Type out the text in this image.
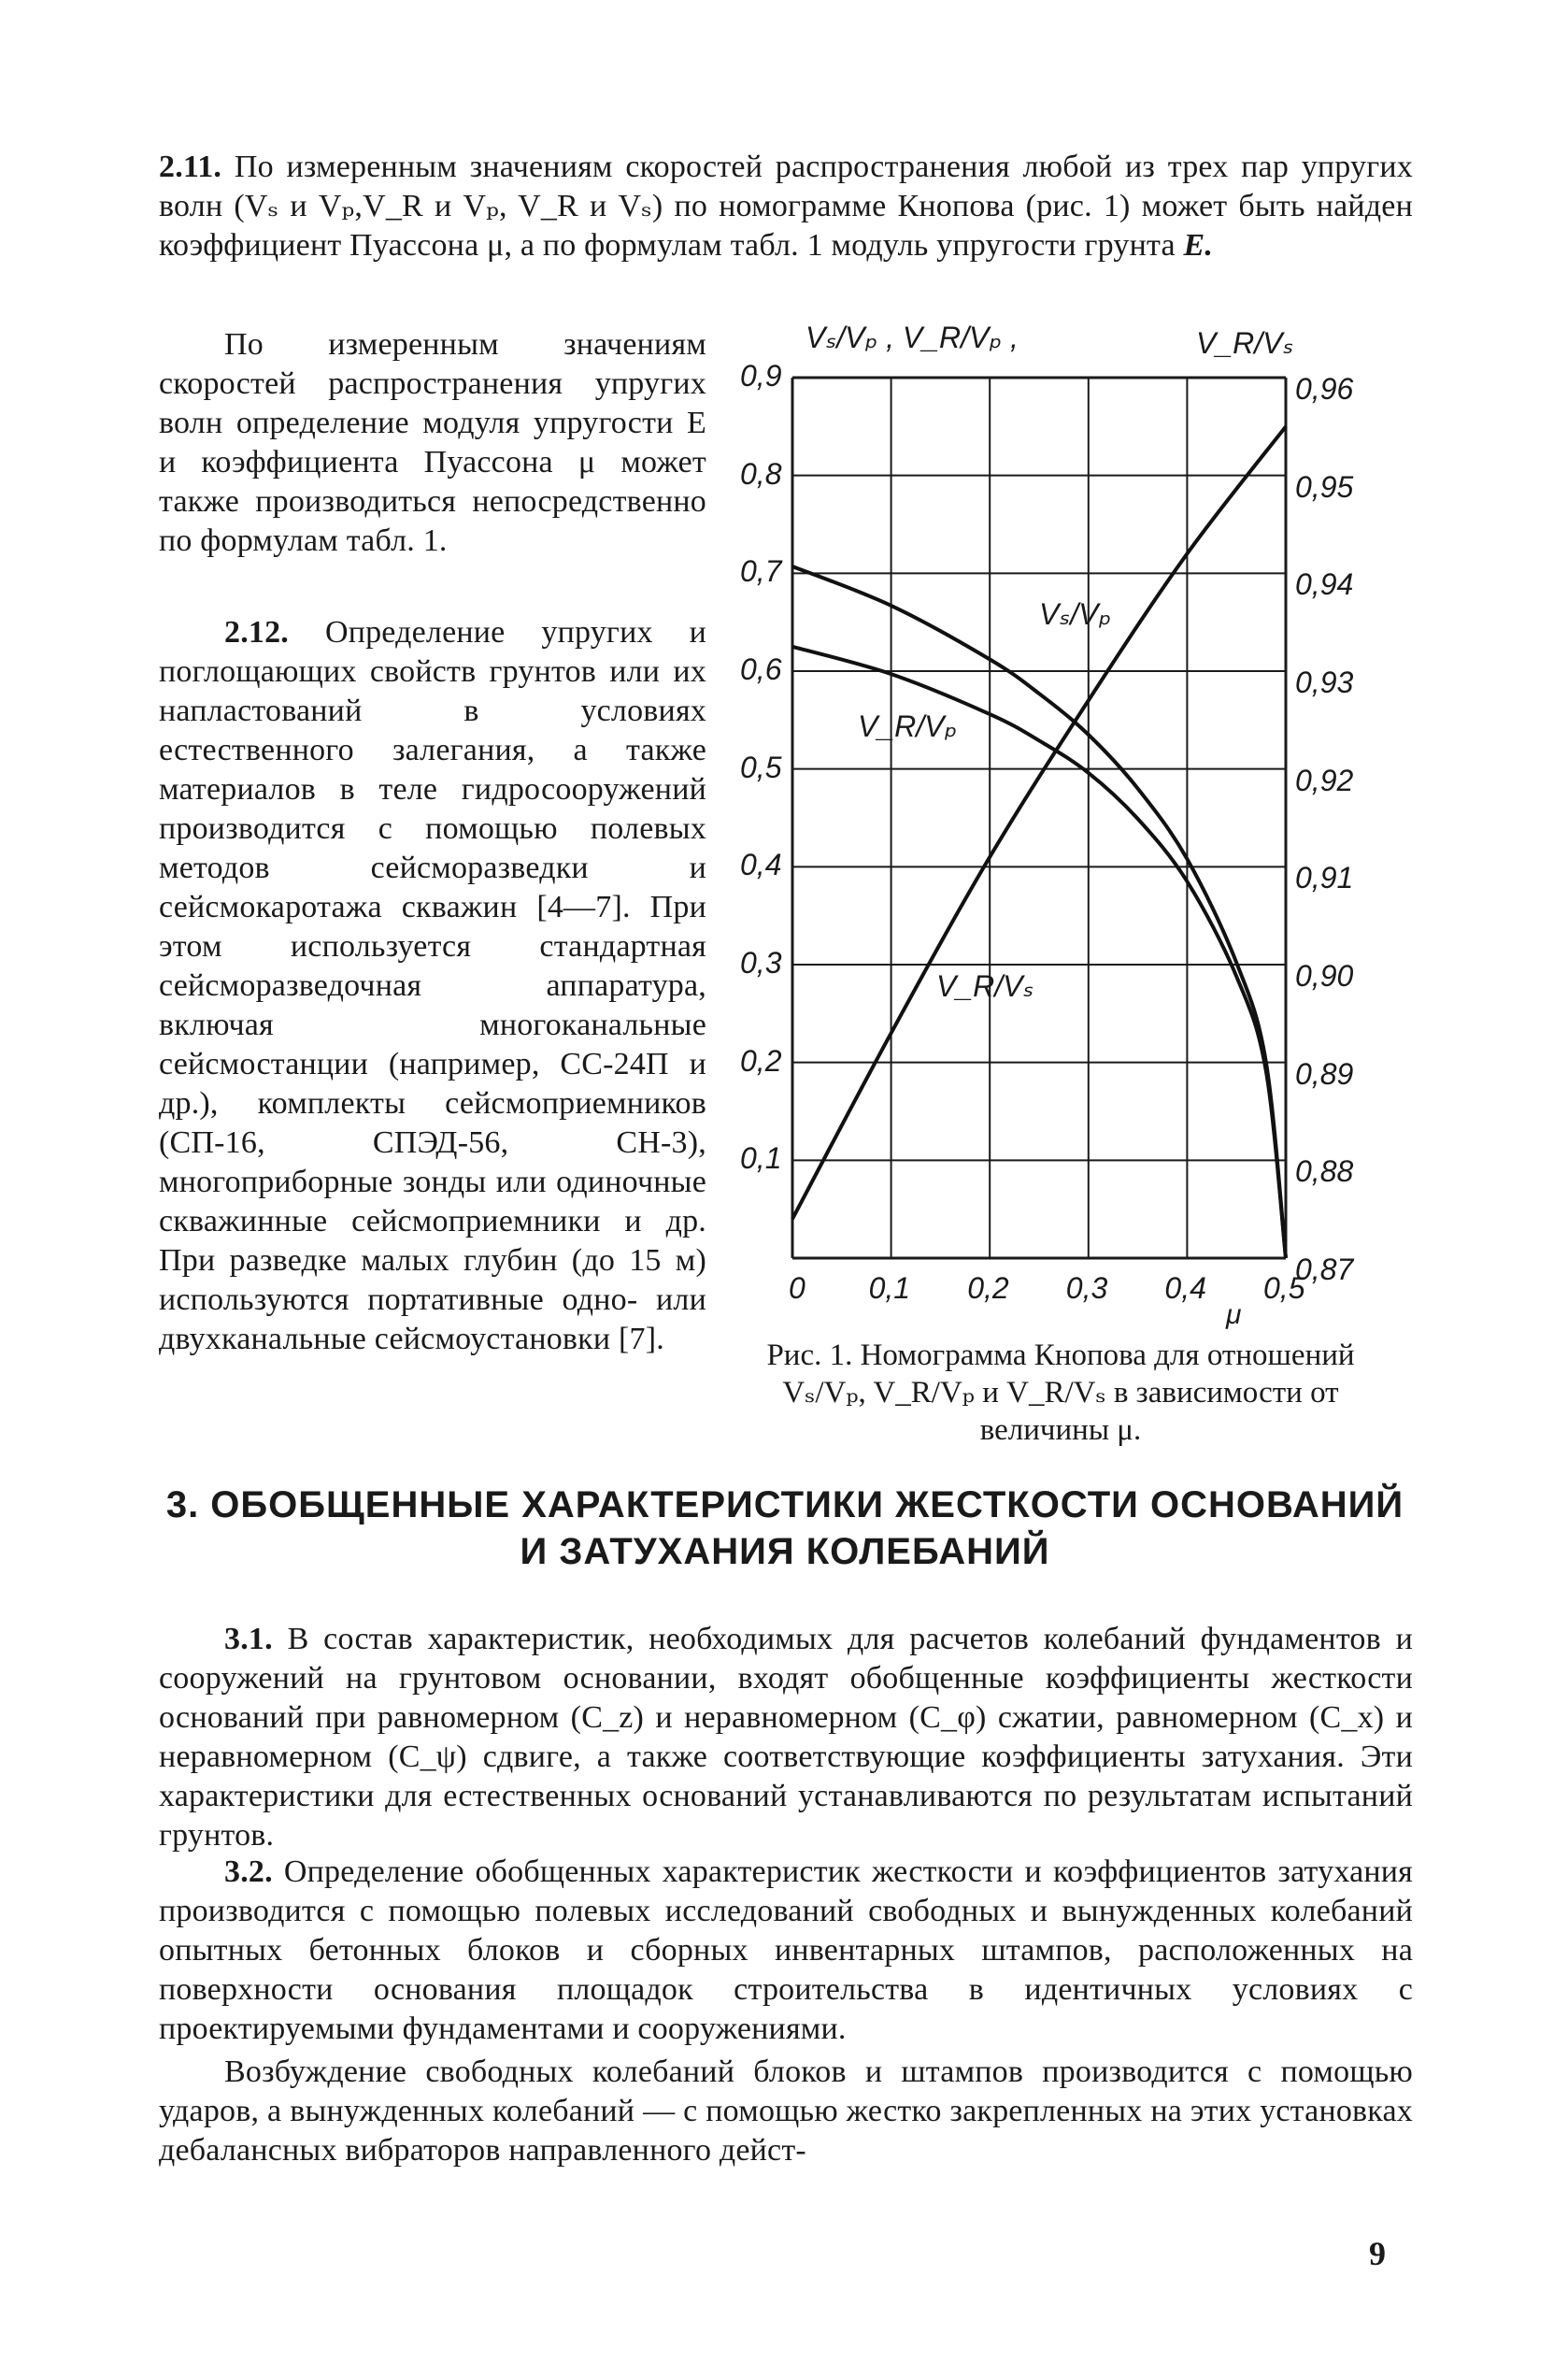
2.11. По измеренным значениям скоростей распространения любой из трех пар упругих волн (Vₛ и Vₚ,V_R и Vₚ, V_R и Vₛ) по номограмме Кнопова (рис. 1) может быть найден коэффициент Пуассона μ, а по формулам табл. 1 модуль упругости грунта E.

По измеренным значениям скоростей распространения упругих волн определение модуля упругости E и коэффициента Пуассона μ может также производиться непосредственно по формулам табл. 1.

2.12. Определение упругих и поглощающих свойств грунтов или их напластований в условиях естественного залегания, а также материалов в теле гидросооружений производится с помощью полевых методов сейсморазведки и сейсмокаротажа скважин [4—7]. При этом используется стандартная сейсморазведочная аппаратура, включая многоканальные сейсмостанции (например, СС-24П и др.), комплекты сейсмоприемников (СП-16, СПЭД-56, СН-3), многоприборные зонды или одиночные скважинные сейсмоприемники и др. При разведке малых глубин (до 15 м) используются портативные одно- или двухканальные сейсмоустановки [7].

Vₛ/Vₚ , V_R/Vₚ ,	V_R/Vₛ
0,9
0,8
0,7
0,6
0,5
0,4
0,3
0,2
0,1
0,96
0,95
0,94
0,93
0,92
0,91
0,90
0,89
0,88
0,87
0 0,1 0,2 0,3 0,4 0,5
μ
Vₛ/Vₚ
V_R/Vₚ
V_R/Vₛ

Рис. 1. Номограмма Кнопова для отношений Vₛ/Vₚ, V_R/Vₚ и V_R/Vₛ в зависимости от величины μ.

3. ОБОБЩЕННЫЕ ХАРАКТЕРИСТИКИ ЖЕСТКОСТИ ОСНОВАНИЙ И ЗАТУХАНИЯ КОЛЕБАНИЙ

3.1. В состав характеристик, необходимых для расчетов колебаний фундаментов и сооружений на грунтовом основании, входят обобщенные коэффициенты жесткости оснований при равномерном (C_z) и неравномерном (C_φ) сжатии, равномерном (C_x) и неравномерном (C_ψ) сдвиге, а также соответствующие коэффициенты затухания. Эти характеристики для естественных оснований устанавливаются по результатам испытаний грунтов.

3.2. Определение обобщенных характеристик жесткости и коэффициентов затухания производится с помощью полевых исследований свободных и вынужденных колебаний опытных бетонных блоков и сборных инвентарных штампов, расположенных на поверхности основания площадок строительства в идентичных условиях с проектируемыми фундаментами и сооружениями.

Возбуждение свободных колебаний блоков и штампов производится с помощью ударов, а вынужденных колебаний — с помощью жестко закрепленных на этих установках дебалансных вибраторов направленного дейст-

9
